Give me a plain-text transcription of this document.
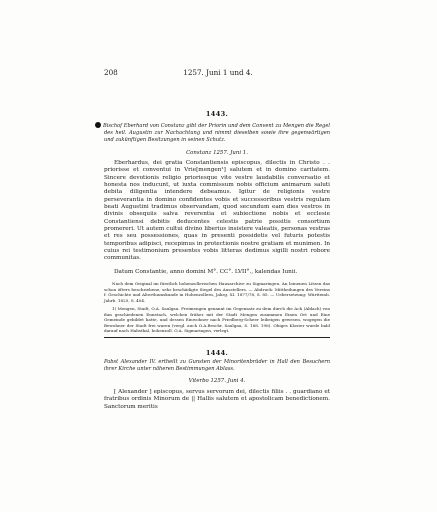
208	1257. Juni 1 und 4.
1443.
Bischof Eberhard von Constanz gibt der Priorin und dem Convent zu Mengen die Regel des heil. Augustin zur Nachachtung und nimmt dieselben sowie ihre gegenwärtigen und zukünftigen Besitzungen in seinen Schutz.
Constanz 1257. Juni 1.
Eberhardus, dei gratia Constantiensis episcopus, dilectis in Christo . . priorisse et conventui in Vrie[mengen¹] salutem et in domino caritatem. Sincere devotionis religio prioriesque vite vestre laudabilis conversatio et honesta nos inducunt, ut iuxta commissum nobis officium animarum saluti debita diligentia intendere debeamus. Igitur de religionis vestre perseverantia in domino confidentes vobis et successoribus vestris regulam beati Augustini tradimus observandam, quod secundum eam dies vestros in divinis obsequiis salva reverentia et subiectione nobis et ecclesie Constantiensi debitis deducentes celestis patrie possitis consortium promereri. Ut autem cultui divino liberius insistere valeatis, personas vestras et res seu possessiones, quas in presenti possidetis vel futuris potestis temporibus adipisci, recepimus in protectionis nostre gratiam et munimen. In cuius rei testimonium presentes vobis litteras dedimus sigilli nostri robore communitas.
Datum Constantie, anno domini M°. CC°. LVII°., kalendas Iunii.
Nach dem Original im fürstlich hohenzollerischen Hausarchive zu Sigmaringen. An leinenen Litzen das schon öfters beschriebene, sehr beschädigte Siegel des Ausstellers. — Abdruck: Mittheilungen des Vereins f. Geschichte und Alterthumskunde in Hohenzollern, Jahrg. XI. 1877/78, S. 85. — Uebersetzung: Württemb. Jahrb. 1825, S. 404.
1) Mengen, Stadt, O.A. Saulgau. Freimengen genannt im Gegensatz zu dem durch die Ach (Ablach) von ihm geschiedenen Ennetach, welchen früher mit der Stadt Mengen zusammen Einen Ort und Eine Gemeinde gebildet hatte, und dessen Einwohner nach Friedberg-Scheer leibeigen gewesen, wogegen die Bewohner der Stadt frei waren (vergl. auch O.A.Beschr. Saulgau, S. 168. 196). Obiges Kloster wurde bald darauf nach Habsthal, hohenzoll. O.A. Sigmaringen, verlegt.
1444.
Pabst Alexander IV. ertheilt zu Gunsten der Minoritenbrüder in Hall den Besuchern ihrer Kirche unter näheren Bestimmungen Ablass.
Viterbo 1257. Juni 4.
[ Alexander ] episcopus, servus servorum dei, dilectis filiis . . guardiano et fratribus ordinis Minorum de || Hallis salutem et apostolicam benedictionem. Sanctorum meritis
